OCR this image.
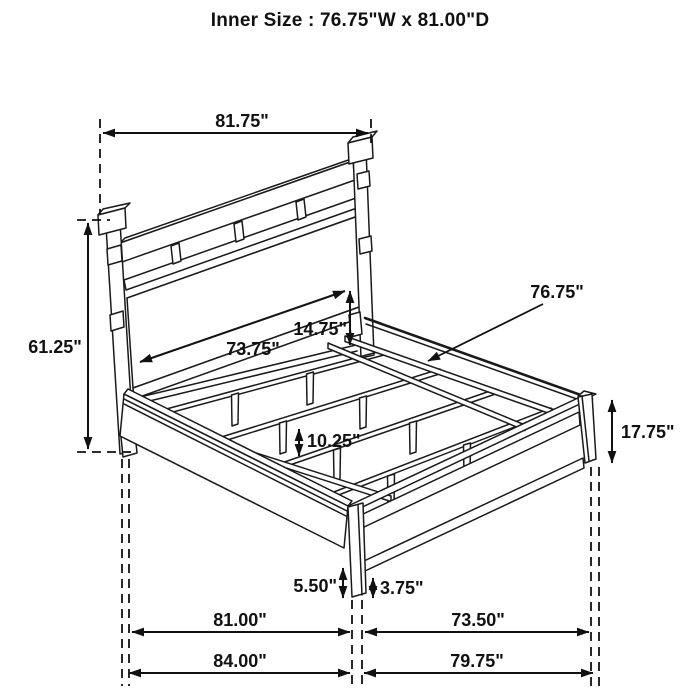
Inner Size : 76.75"W x 81.00"D
81.75"
61.25"	73.75"
14.75"
76.75"
10.25"	17.75"
5.50" 3.75"
81.00"	73.50"
84.00"	79.75"
